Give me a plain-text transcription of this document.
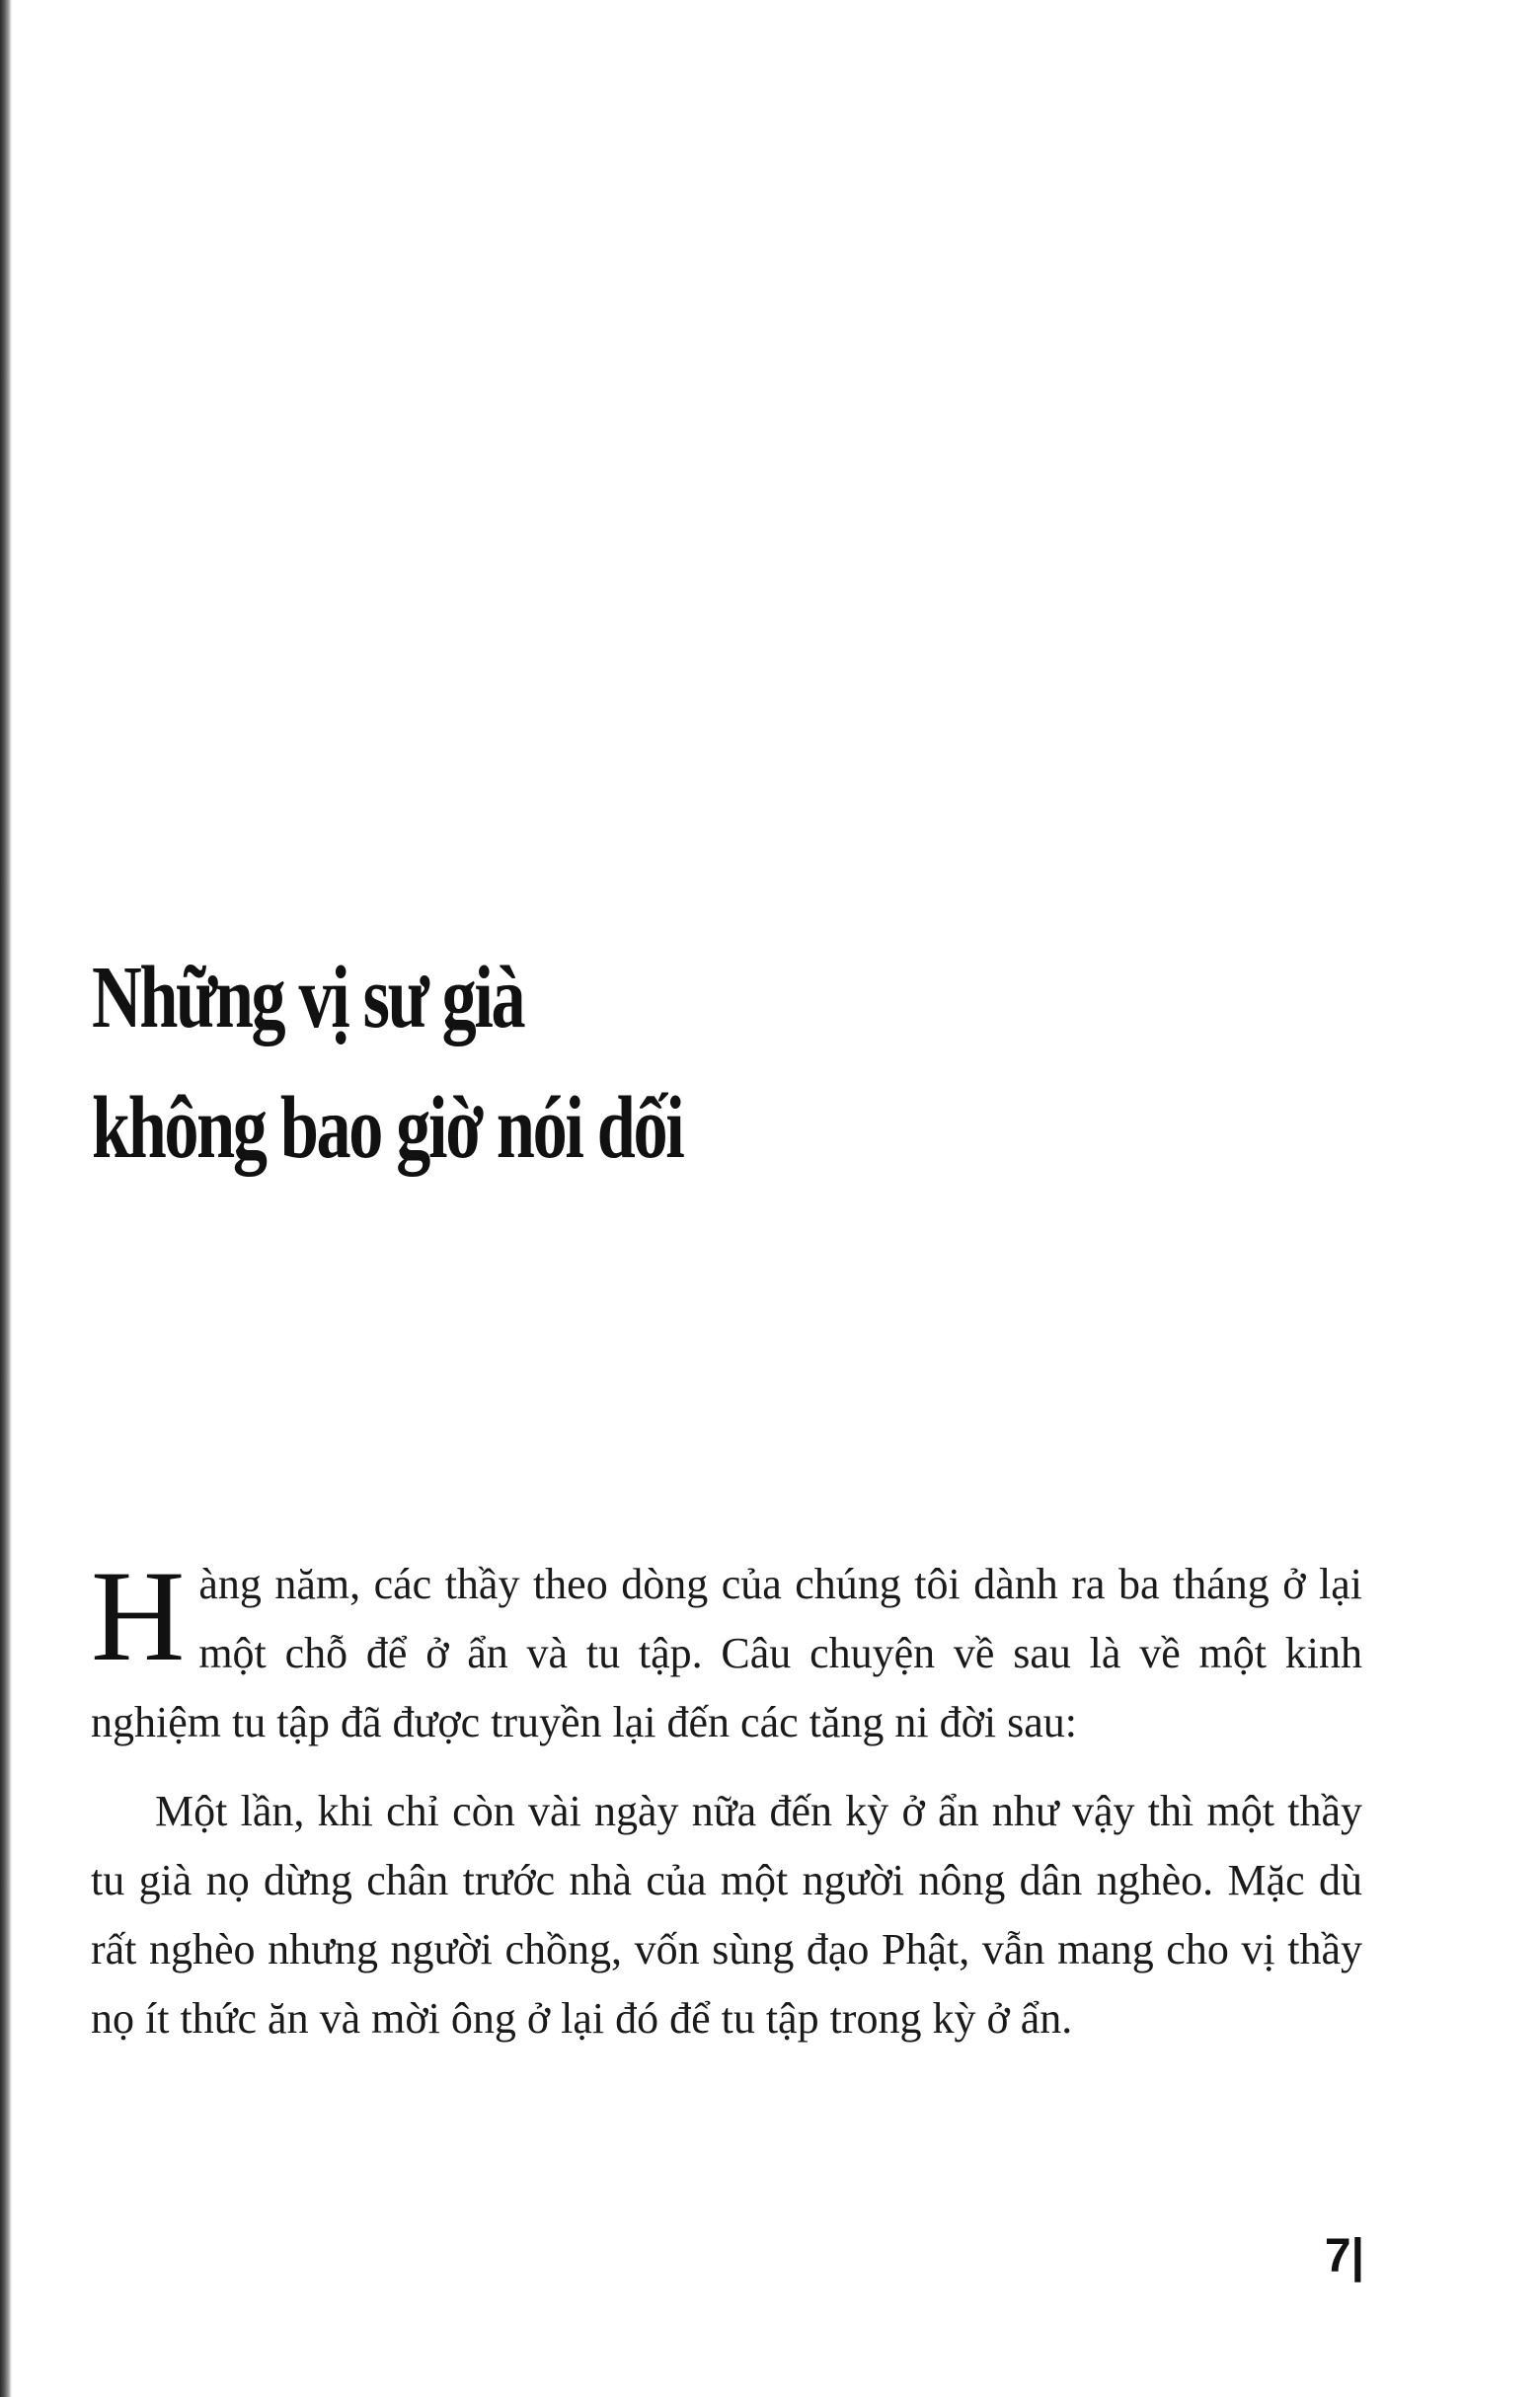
Những vị sư già
không bao giờ nói dối

Hàng năm, các thầy theo dòng của chúng tôi dành ra ba tháng ở lại một chỗ để ở ẩn và tu tập. Câu chuyện về sau là về một kinh nghiệm tu tập đã được truyền lại đến các tăng ni đời sau:

Một lần, khi chỉ còn vài ngày nữa đến kỳ ở ẩn như vậy thì một thầy tu già nọ dừng chân trước nhà của một người nông dân nghèo. Mặc dù rất nghèo nhưng người chồng, vốn sùng đạo Phật, vẫn mang cho vị thầy nọ ít thức ăn và mời ông ở lại đó để tu tập trong kỳ ở ẩn.

7|
